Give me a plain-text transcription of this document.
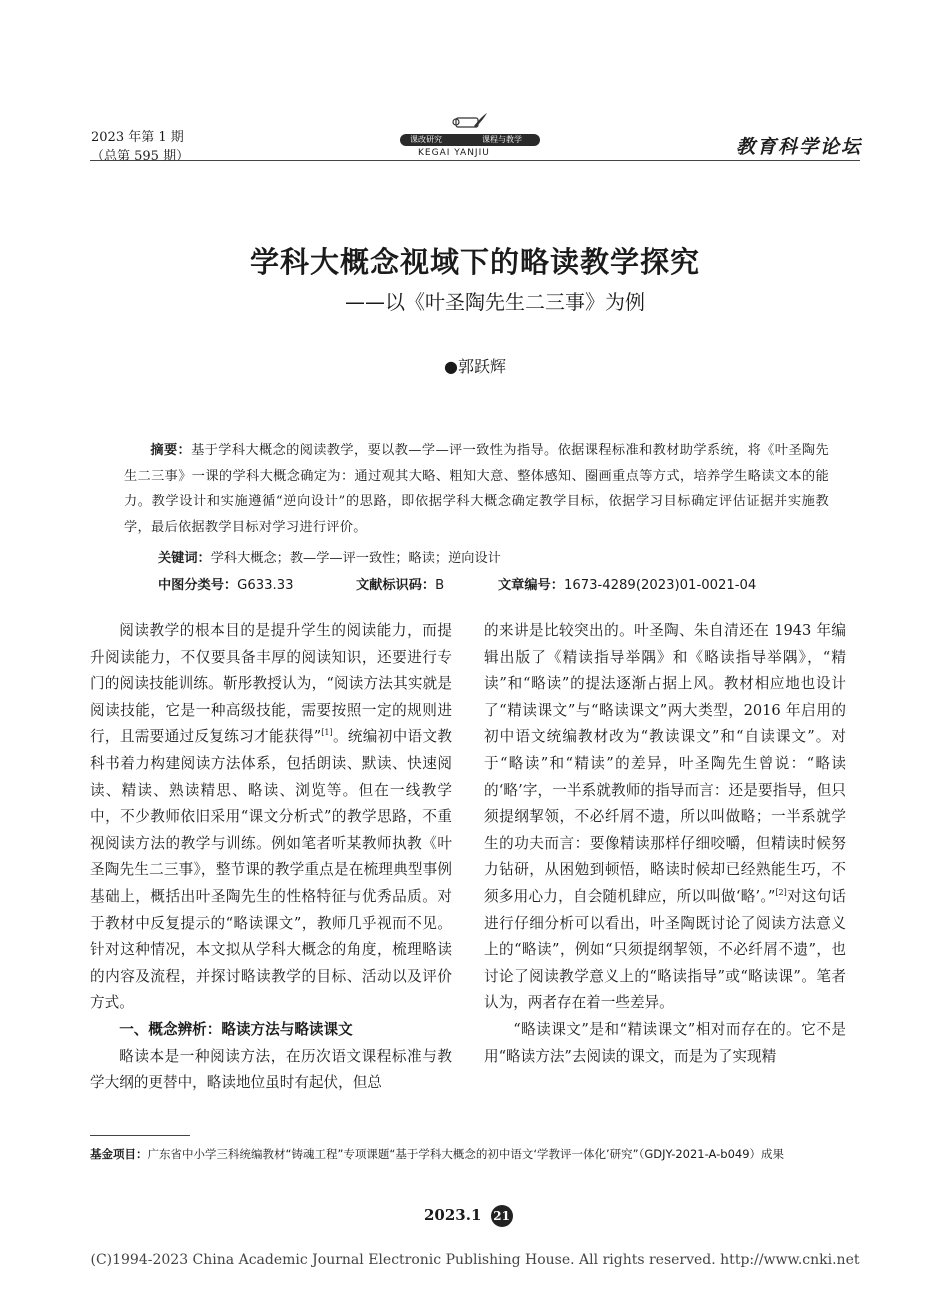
2023 年第 1 期
（总第 595 期）
课改研究	课程与教学
KEGAI YANJIU	教育科学论坛
学科大概念视域下的略读教学探究
——以《叶圣陶先生二三事》为例
●郭跃辉

摘要：基于学科大概念的阅读教学，要以教—学—评一致性为指导。依据课程标准和教材助学系统，将《叶圣陶先生二三事》一课的学科大概念确定为：通过观其大略、粗知大意、整体感知、圈画重点等方式，培养学生略读文本的能力。教学设计和实施遵循“逆向设计”的思路，即依据学科大概念确定教学目标，依据学习目标确定评估证据并实施教学，最后依据教学目标对学习进行评价。

关键词：学科大概念；教—学—评一致性；略读；逆向设计
中图分类号：G633.33	文献标识码：B	文章编号：1673-4289(2023)01-0021-04

阅读教学的根本目的是提升学生的阅读能力，而提升阅读能力，不仅要具备丰厚的阅读知识，还要进行专门的阅读技能训练。靳彤教授认为，“阅读方法其实就是阅读技能，它是一种高级技能，需要按照一定的规则进行，且需要通过反复练习才能获得”[1]。统编初中语文教科书着力构建阅读方法体系，包括朗读、默读、快速阅读、精读、熟读精思、略读、浏览等。但在一线教学中，不少教师依旧采用“课文分析式”的教学思路，不重视阅读方法的教学与训练。例如笔者听某教师执教《叶圣陶先生二三事》，整节课的教学重点是在梳理典型事例基础上，概括出叶圣陶先生的性格特征与优秀品质。对于教材中反复提示的“略读课文”，教师几乎视而不见。针对这种情况，本文拟从学科大概念的角度，梳理略读的内容及流程，并探讨略读教学的目标、活动以及评价方式。

一、概念辨析：略读方法与略读课文

略读本是一种阅读方法，在历次语文课程标准与教学大纲的更替中，略读地位虽时有起伏，但总

的来讲是比较突出的。叶圣陶、朱自清还在 1943 年编辑出版了《精读指导举隅》和《略读指导举隅》，“精读”和“略读”的提法逐渐占据上风。教材相应地也设计了“精读课文”与“略读课文”两大类型，2016 年启用的初中语文统编教材改为“教读课文”和“自读课文”。对于“略读”和“精读”的差异，叶圣陶先生曾说：“略读的‘略’字，一半系就教师的指导而言：还是要指导，但只须提纲挈领，不必纤屑不遗，所以叫做略；一半系就学生的功夫而言：要像精读那样仔细咬嚼，但精读时候努力钻研，从困勉到顿悟，略读时候却已经熟能生巧，不须多用心力，自会随机肆应，所以叫做‘略’。”[2]对这句话进行仔细分析可以看出，叶圣陶既讨论了阅读方法意义上的“略读”，例如“只须提纲挈领，不必纤屑不遗”，也讨论了阅读教学意义上的“略读指导”或“略读课”。笔者认为，两者存在着一些差异。

“略读课文”是和“精读课文”相对而存在的。它不是用“略读方法”去阅读的课文，而是为了实现精

基金项目：广东省中小学三科统编教材“铸魂工程”专项课题“基于学科大概念的初中语文‘学教评一体化’研究”（GDJY-2021-A-b049）成果
2023.1 21
(C)1994-2023 China Academic Journal Electronic Publishing House. All rights reserved. http://www.cnki.net
